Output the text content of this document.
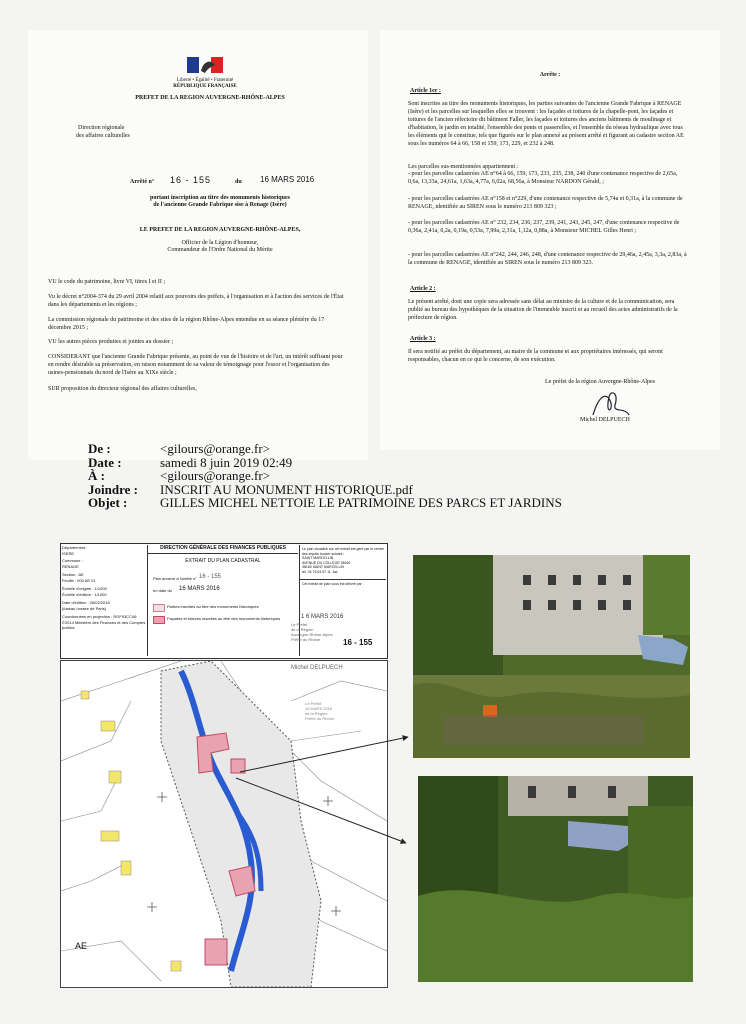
Liberté • Égalité • Fraternité
RÉPUBLIQUE FRANÇAISE
PREFET DE LA REGION AUVERGNE-RHÔNE-ALPES
Direction régionale
des affaires culturelles
Arrêté n° 16 - 155	du 16 MARS 2016
portant inscription au titre des monuments historiques
de l'ancienne Grande Fabrique sise à Renage (Isère)
LE PREFET DE LA REGION AUVERGNE-RHÔNE-ALPES,
Officier de la Légion d'honneur,
Commandeur de l'Ordre National du Mérite

VU le code du patrimoine, livre VI, titres I et II ;

Vu le décret n°2004-374 du 29 avril 2004 relatif aux pouvoirs des préfets, à l'organisation et à l'action des services de l'État dans les départements et les régions ;

La commission régionale du patrimoine et des sites de la région Rhône-Alpes entendue en sa séance plénière du 17 décembre 2015 ;

VU les autres pièces produites et jointes au dossier ;

CONSIDERANT que l'ancienne Grande Fabrique présente, au point de vue de l'histoire et de l'art, un intérêt suffisant pour en rendre désirable sa préservation, en raison notamment de sa valeur de témoignage pour l'essor et l'organisation des usines-pensionnats du nord de l'Isère au XIXe siècle ;

SUR proposition du directeur régional des affaires culturelles,

Arrête :
Article 1er :

Sont inscrites au titre des monuments historiques, les parties suivantes de l'ancienne Grande Fabrique à RENAGE (Isère) et les parcelles sur lesquelles elles se trouvent : les façades et toitures de la chapelle-pont, les façades et toitures de l'ancien réfectoire dit bâtiment Faller, les façades et toitures des anciens bâtiments de moulinage et d'habitation, le jardin en totalité, l'ensemble des ponts et passerelles, et l'ensemble du réseau hydraulique avec tous les éléments qui le constitue, tels que figurés sur le plan annexé au présent arrêté et figurant au cadastre section AE sous les numéros 64 à 66, 158 et 159, 173, 229, et 232 à 248.

Les parcelles sus-mentionnées appartiennent :

- pour les parcelles cadastrées AE n°64 à 66, 159, 173, 233, 235, 238, 240 d'une contenance respective de 2,65a, 0,6a, 13,33a, 24,61a, 1,63a, 4,77a, 6,02a, 68,56a, à Monsieur NARDON Gérald, ;

- pour les parcelles cadastrées AE n°158 et n°229, d'une contenance respective de 5,74a et 0,31a, à la commune de RENAGE, identifiée au SIREN sous le numéro 213 809 323 ;

- pour les parcelles cadastrées AE n° 232, 234, 236, 237, 239, 241, 243, 245, 247, d'une contenance respective de 0,36a, 2,41a, 0,2a, 0,19a, 0,53a, 7,99a, 2,31a, 1,12a, 0,88a, à Monsieur MICHEL Gilles Henri ;

- pour les parcelles cadastrées AE n°242, 244, 246, 248, d'une contenance respective de 29,46a, 2,45a, 3,3a, 2,83a, à la commune de RENAGE, identifiée au SIREN sous le numéro 213 809 323.

Article 2 :

Le présent arrêté, dont une copie sera adressée sans délai au ministre de la culture et de la communication, sera publié au bureau des hypothèques de la situation de l'immeuble inscrit et au recueil des actes administratifs de la préfecture de région.

Article 3 :

Il sera notifié au préfet du département, au maire de la commune et aux propriétaires intéressés, qui seront responsables, chacun en ce qui le concerne, de son exécution.

Le préfet de la région Auvergne-Rhône-Alpes
Michel DELPUECH
De :	<gilours@orange.fr>
Date :	samedi 8 juin 2019 02:49
À :	<gilours@orange.fr>
Joindre :	INSCRIT AU MONUMENT HISTORIQUE.pdf
Objet :	GILLES MICHEL NETTOIE LE PATRIMOINE DES PARCS ET JARDINS
Département :
ISERE
Commune :
RENAGE
Section : AE
Feuille : 000 AE 01
Échelle d'origine : 1/1000
Échelle d'édition : 1/1000
Date d'édition : 26/02/2016
(fuseau horaire de Paris)
Coordonnées en projection : RGF93CC46
©2014 Ministère des Finances et des Comptes publics
DIRECTION GÉNÉRALE DES FINANCES PUBLIQUES
EXTRAIT DU PLAN CADASTRAL
Plan annexé à l'arrêté n° 16 - 155
en date du 16 MARS 2016
Parties inscrites au titre des monuments historiques
Façades et toitures inscrites au titre des monuments historiques
Le plan visualisé sur cet extrait est géré par le centre des impôts foncier suivant :
SAINT MARCELLIN
AVENUE DU COLLEGE 38160
38160 SAINT MARCELLIN
tél. 04 76 64 57 11 -fax
Cet extrait de plan vous est délivré par :
1 6 MARS 2016
Le Préfet
de la Région
Auvergne-Rhône-Alpes
Préfet du Rhône	16 - 155
Michel DELPUECH
Le Préfet
16 MARS 2016
de la Région
Préfet du Rhône
AE
